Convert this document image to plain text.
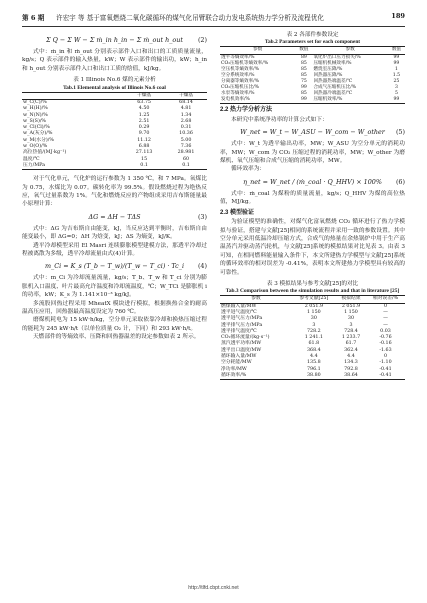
第 6 期	许宏宇 等 基于富氧燃烧二氧化碳循环的煤气化吊臂联合动力发电系统热力学分析及流程优化	189
Σ Q − Σ W − Σ ṁ_in h_in − Σ ṁ_out h_out (2)

式中：ṁ_in 和 ṁ_out 分别表示部件入口和出口的工质质量流量，kg/s；Q 表示部件的输入热量，kW；W 表示部件的输出功，kW；h_in 和 h_out 分别表示部件入口和出口工质的焓值，kJ/kg。

表 1 Illinois No.6 煤的元素分析
Tab.1 Elemental analysis of Illinois No.6 coal
	干燥基	干燥基
w_C(C)/%	63.75	68.14
w_H(H)/%	4.50	4.81
w_N(N)/%	1.25	1.34
w_S(S)/%	2.51	2.68
w_Cl(Cl)/%	0.29	0.31
w_A(灰分)/%	9.70	10.36
w_M(水分)/%	11.12	5.00
w_O(O)/%	6.88	7.36
高位热值/(MJ·kg⁻¹)	27.113	28.981
温度/℃	15	60
压力/MPa	0.1	0.1

对于气化单元，气化炉的运行参数为 1 350 ℃，和 7 MPa。氧煤比为 0.75，水煤比为 0.07。碳转化率为 99.5%。假设燃烧过程为绝热反应，氧气过量系数为 1%。气化和燃烧反应的产物组成采用吉布斯能量最小原理计算：

ΔG = ΔH − TΔS	(3)

式中：ΔG 为吉布斯自由能变，kJ，当反应达到平衡时，吉布斯自由能变最小，即 ΔG=0；ΔH 为焓变，kJ；ΔS 为熵变，kJ/K。

透平冷却模型采用 El Masri 连续膨胀模型建模方法，那透平冷却过程被离散为多级，透平冷却流量由式(4)计算。

m_Ci = K_s (T_b − T_w)/(T_w − T_ci) · Tc_i (4)

式中：m_Ci 为冷却流量流量，kg/s；T_b、T_w 和 T_ci 分别为膨胀机入口温度、叶片最高允许温度和冷却流温度，℃；W_TCi 是膨胀机 i 的功率，kW；K_s 为 1.141×10⁻³ kg/kJ。

多流股回热过程采用 MheatX 模块进行模拟，根据换热合金的耐高温高压应用，回热器最高温度设定为 760 ℃。

磨煤机耗电为 15 kW·h/kg，空分单元采取依靠冷却和换热压缩过程的能耗为 245 kW·h/t（以单位质量 O₂ 计，下同）和 293 kW·h/t。

天燃部件的等熵效率、压降和回热器温差的设定参数如表 2 所示。

表 2 各部件参数设定
Tab.2 Parameters set for each component
参数	数值	参数	数值
透平等熵效率/%	89	氧化炉出口压力损失/%	99
CO₂压缩机等熵效率/%	85	压缩机机械效率/%	99
空压机等熵效率/%	85	燃烧室压降/%	1
空分系统效率/%	85	回热器压降/%	1.5
分离器等熵效率/%	75	回热器热端温差/℃	25
CO₂压缩机压比/%	99	合成气压缩机压比/%	3
水泵等熵效率/%	85	回热器冷端温差/℃	5
发电机效率/%	99	压缩机效率/%	99
2.2 热力学分析方法

本研究中系统净功率的计算公式如下：

W_net = W_t − W_ASU − W_com − W_other (5)

式中：W_t 为透平输出功率，MW；W_ASU 为空分单元的消耗功率，MW；W_com 为 CO₂ 压缩过程的消耗功率，MW；W_other 为磨煤机、氧气压缩和合成气压缩的消耗功率，MW。

循环效率为：

η_net = W_net / (ṁ_coal · Q_HHV) × 100% (6)

式中：ṁ_coal 为煤粉的质量流量，kg/s；Q_HHV 为煤的高位热值，MJ/kg。

2.3 模型验证

为验证模型的准确性，对煤气化富氧燃烧 CO₂ 循环进行了热力学模拟与验证，搭建与文献[25]相同的系统流程并采用一致的参数设置。其中空分单元采用低温冷却压缩方式，合成气的热量在余热锅炉中用于生产高温蒸汽并驱动蒸汽轮机，与文献[25]系统的模拟结果对比见表 3。由表 3 可知，在相同燃料能量输入条件下，本文所建热力学模型与文献[25]系统的循环效率的相对误差为 -0.41%，表明本文所建热力学模型具有较高的可靠性。

表 3 模拟结果与参考文献[25]的对比
Tab.3 Comparison between the simulation results and that in literature [25]
参数	参考文献[25]	模拟结果	相对误差/%
燃煤输入量/MW	2 051.9	2 051.9	0
透平进气温度/℃	1 150	1 150	—
透平进气压力/MPa	30	30	—
透平排气压力/MPa	3	3	—
透平排气温度/℃	728.2	728.4	0.03
CO₂循环流量/(kg·s⁻¹)	1 241.1	1 233.7	-0.76
蒸汽透平功率/MW	61.8	61.7	-0.16
透平出口温度/MW	368.4	362.4	-1.63
循环输入量/MW	4.4	4.4	0
空分耗能/MW	135.8	134.3	-1.10
净功率/MW	796.1	792.8	-0.41
循环效率/%	38.80	38.64	-0.41
http://tlfd.cbpt.cnki.net
